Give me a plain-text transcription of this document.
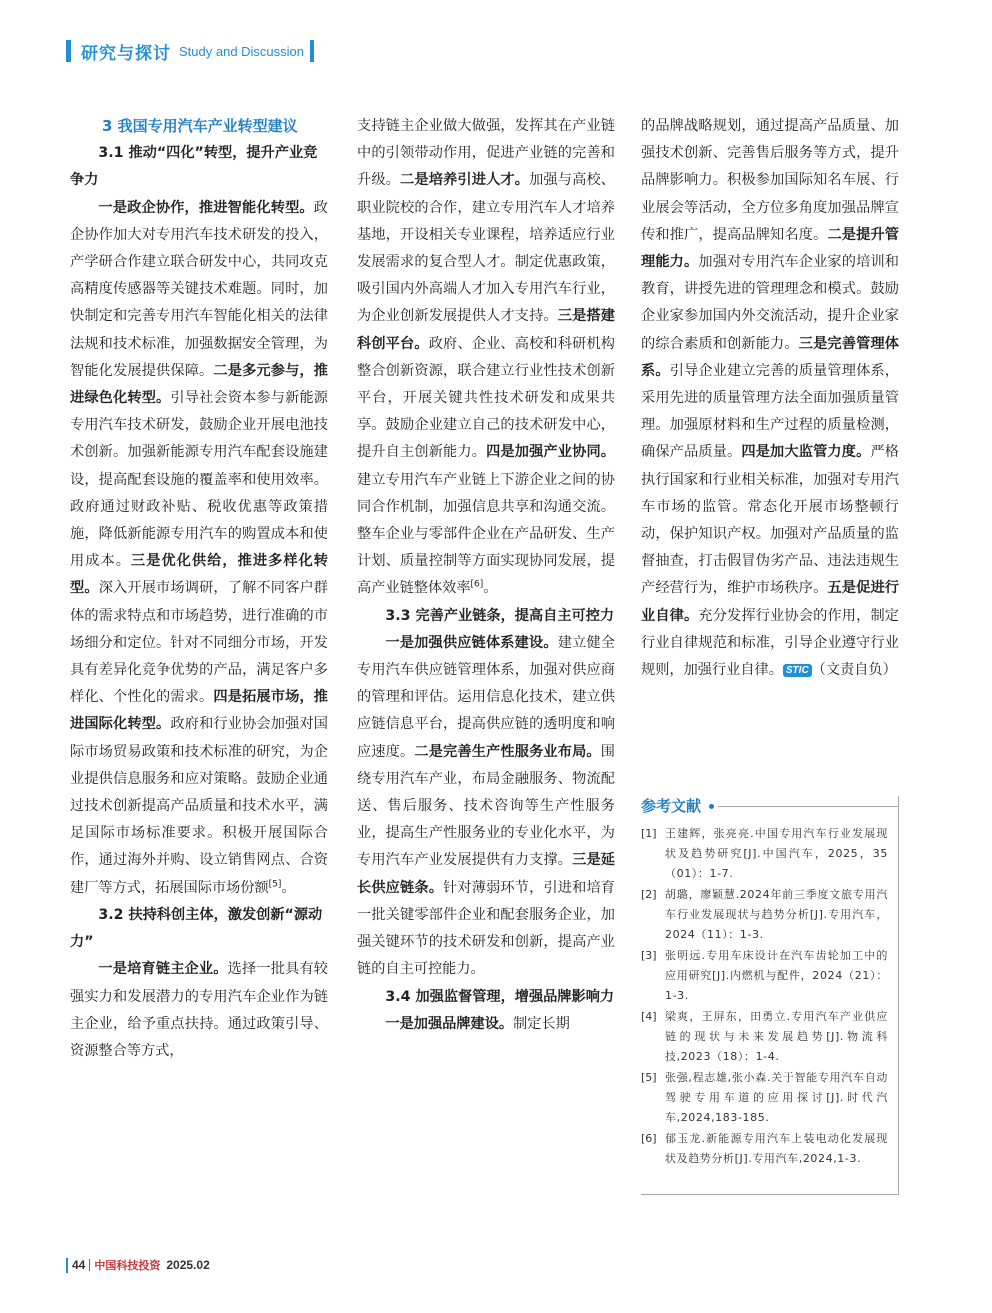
研究与探讨 Study and Discussion

3 我国专用汽车产业转型建议

3.1 推动“四化”转型，提升产业竞争力

一是政企协作，推进智能化转型。政企协作加大对专用汽车技术研发的投入，产学研合作建立联合研发中心，共同攻克高精度传感器等关键技术难题。同时，加快制定和完善专用汽车智能化相关的法律法规和技术标准，加强数据安全管理，为智能化发展提供保障。二是多元参与，推进绿色化转型。引导社会资本参与新能源专用汽车技术研发，鼓励企业开展电池技术创新。加强新能源专用汽车配套设施建设，提高配套设施的覆盖率和使用效率。政府通过财政补贴、税收优惠等政策措施，降低新能源专用汽车的购置成本和使用成本。三是优化供给，推进多样化转型。深入开展市场调研，了解不同客户群体的需求特点和市场趋势，进行准确的市场细分和定位。针对不同细分市场，开发具有差异化竞争优势的产品，满足客户多样化、个性化的需求。四是拓展市场，推进国际化转型。政府和行业协会加强对国际市场贸易政策和技术标准的研究，为企业提供信息服务和应对策略。鼓励企业通过技术创新提高产品质量和技术水平，满足国际市场标准要求。积极开展国际合作，通过海外并购、设立销售网点、合资建厂等方式，拓展国际市场份额[5]。

3.2 扶持科创主体，激发创新“源动力”

一是培育链主企业。选择一批具有较强实力和发展潜力的专用汽车企业作为链主企业，给予重点扶持。通过政策引导、资源整合等方式，

支持链主企业做大做强，发挥其在产业链中的引领带动作用，促进产业链的完善和升级。二是培养引进人才。加强与高校、职业院校的合作，建立专用汽车人才培养基地，开设相关专业课程，培养适应行业发展需求的复合型人才。制定优惠政策，吸引国内外高端人才加入专用汽车行业，为企业创新发展提供人才支持。三是搭建科创平台。政府、企业、高校和科研机构整合创新资源，联合建立行业性技术创新平台，开展关键共性技术研发和成果共享。鼓励企业建立自己的技术研发中心，提升自主创新能力。四是加强产业协同。建立专用汽车产业链上下游企业之间的协同合作机制，加强信息共享和沟通交流。整车企业与零部件企业在产品研发、生产计划、质量控制等方面实现协同发展，提高产业链整体效率[6]。

3.3 完善产业链条，提高自主可控力

一是加强供应链体系建设。建立健全专用汽车供应链管理体系，加强对供应商的管理和评估。运用信息化技术，建立供应链信息平台，提高供应链的透明度和响应速度。二是完善生产性服务业布局。围绕专用汽车产业，布局金融服务、物流配送、售后服务、技术咨询等生产性服务业，提高生产性服务业的专业化水平，为专用汽车产业发展提供有力支撑。三是延长供应链条。针对薄弱环节，引进和培育一批关键零部件企业和配套服务企业，加强关键环节的技术研发和创新，提高产业链的自主可控能力。

3.4 加强监督管理，增强品牌影响力

一是加强品牌建设。制定长期

的品牌战略规划，通过提高产品质量、加强技术创新、完善售后服务等方式，提升品牌影响力。积极参加国际知名车展、行业展会等活动，全方位多角度加强品牌宣传和推广，提高品牌知名度。二是提升管理能力。加强对专用汽车企业家的培训和教育，讲授先进的管理理念和模式。鼓励企业家参加国内外交流活动，提升企业家的综合素质和创新能力。三是完善管理体系。引导企业建立完善的质量管理体系，采用先进的质量管理方法全面加强质量管理。加强原材料和生产过程的质量检测，确保产品质量。四是加大监管力度。严格执行国家和行业相关标准，加强对专用汽车市场的监管。常态化开展市场整顿行动，保护知识产权。加强对产品质量的监督抽查，打击假冒伪劣产品、违法违规生产经营行为，维护市场秩序。五是促进行业自律。充分发挥行业协会的作用，制定行业自律规范和标准，引导企业遵守行业规则，加强行业自律。 STIC （文责自负）

参考文献
[1] 王建辉，张亮亮.中国专用汽车行业发展现状及趋势研究[J].中国汽车，2025，35（01）：1-7.
[2] 胡璐，廖颖慧.2024年前三季度文旅专用汽车行业发展现状与趋势分析[J].专用汽车，2024（11）：1-3.
[3] 张明远.专用车床设计在汽车齿轮加工中的应用研究[J].内燃机与配件，2024（21）：1-3.
[4] 梁爽，王屏东，田勇立.专用汽车产业供应链的现状与未来发展趋势[J].物流科技,2023（18）：1-4.
[5] 张强,程志雄,张小森.关于智能专用汽车自动驾驶专用车道的应用探讨[J].时代汽车,2024,183-185.
[6] 郁玉龙.新能源专用汽车上装电动化发展现状及趋势分析[J].专用汽车,2024,1-3.
44 中国科技投资 2025.02
